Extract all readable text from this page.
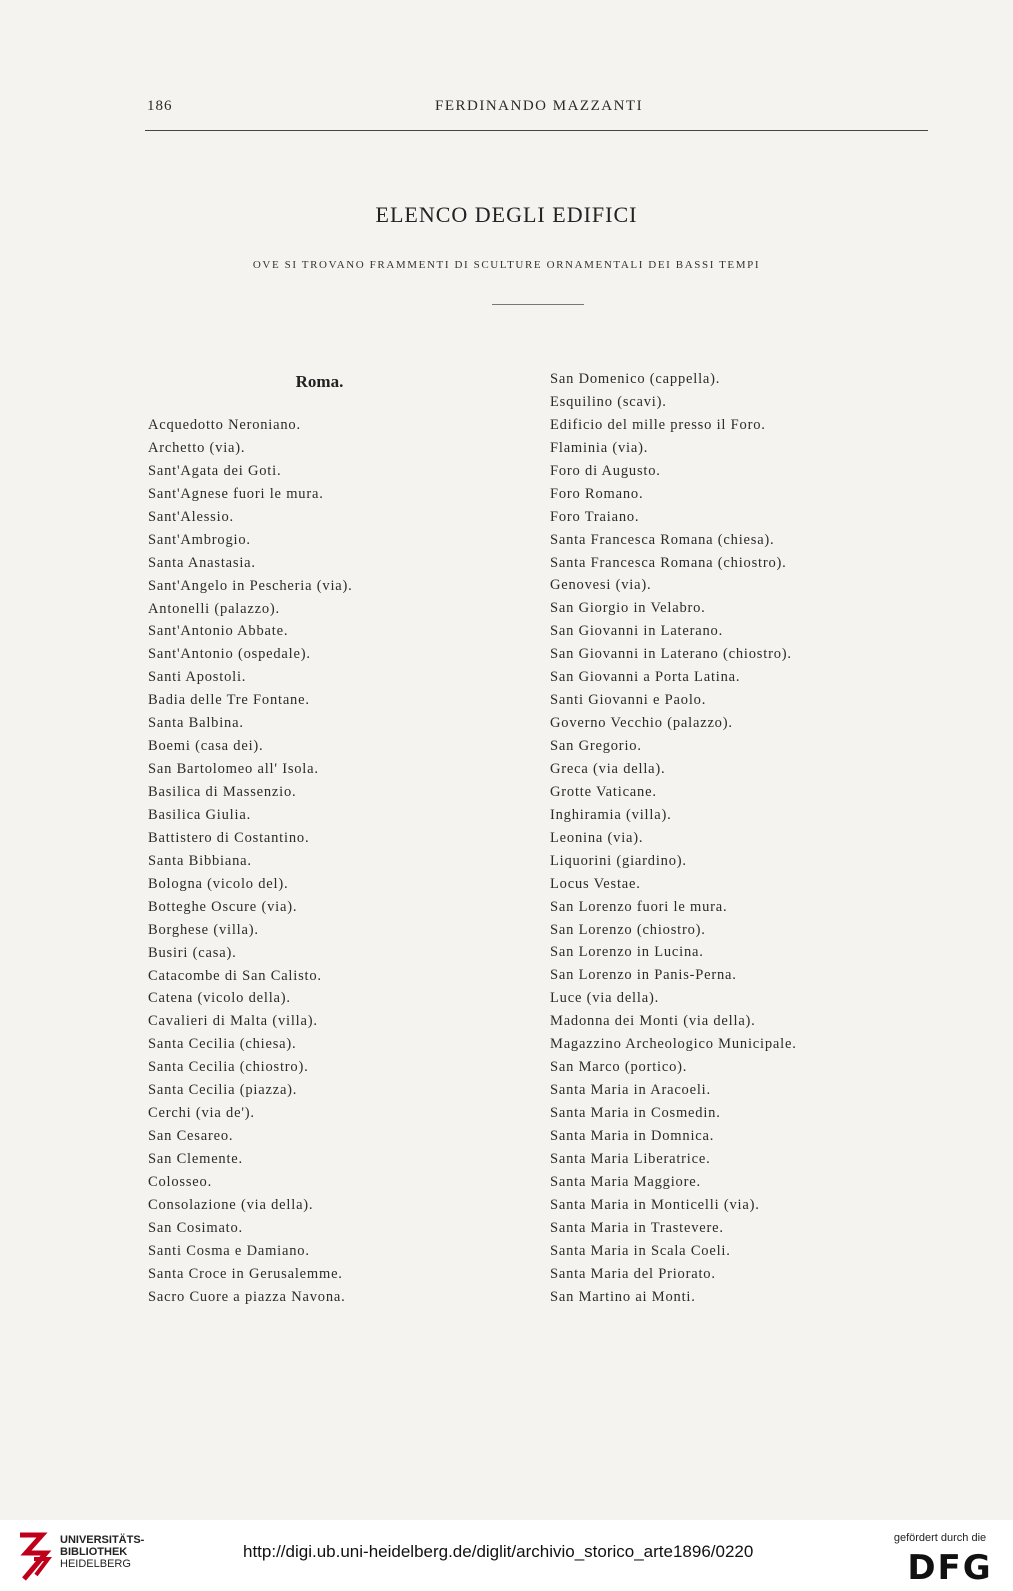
186	FERDINANDO MAZZANTI
ELENCO DEGLI EDIFICI
OVE SI TROVANO FRAMMENTI DI SCULTURE ORNAMENTALI DEI BASSI TEMPI
Roma.
Acquedotto Neroniano.
Archetto (via).
Sant'Agata dei Goti.
Sant'Agnese fuori le mura.
Sant'Alessio.
Sant'Ambrogio.
Santa Anastasia.
Sant'Angelo in Pescheria (via).
Antonelli (palazzo).
Sant'Antonio Abbate.
Sant'Antonio (ospedale).
Santi Apostoli.
Badia delle Tre Fontane.
Santa Balbina.
Boemi (casa dei).
San Bartolomeo all' Isola.
Basilica di Massenzio.
Basilica Giulia.
Battistero di Costantino.
Santa Bibbiana.
Bologna (vicolo del).
Botteghe Oscure (via).
Borghese (villa).
Busiri (casa).
Catacombe di San Calisto.
Catena (vicolo della).
Cavalieri di Malta (villa).
Santa Cecilia (chiesa).
Santa Cecilia (chiostro).
Santa Cecilia (piazza).
Cerchi (via de').
San Cesareo.
San Clemente.
Colosseo.
Consolazione (via della).
San Cosimato.
Santi Cosma e Damiano.
Santa Croce in Gerusalemme.
Sacro Cuore a piazza Navona.
San Domenico (cappella).
Esquilino (scavi).
Edificio del mille presso il Foro.
Flaminia (via).
Foro di Augusto.
Foro Romano.
Foro Traiano.
Santa Francesca Romana (chiesa).
Santa Francesca Romana (chiostro).
Genovesi (via).
San Giorgio in Velabro.
San Giovanni in Laterano.
San Giovanni in Laterano (chiostro).
San Giovanni a Porta Latina.
Santi Giovanni e Paolo.
Governo Vecchio (palazzo).
San Gregorio.
Greca (via della).
Grotte Vaticane.
Inghiramia (villa).
Leonina (via).
Liquorini (giardino).
Locus Vestae.
San Lorenzo fuori le mura.
San Lorenzo (chiostro).
San Lorenzo in Lucina.
San Lorenzo in Panis-Perna.
Luce (via della).
Madonna dei Monti (via della).
Magazzino Archeologico Municipale.
San Marco (portico).
Santa Maria in Aracoeli.
Santa Maria in Cosmedin.
Santa Maria in Domnica.
Santa Maria Liberatrice.
Santa Maria Maggiore.
Santa Maria in Monticelli (via).
Santa Maria in Trastevere.
Santa Maria in Scala Coeli.
Santa Maria del Priorato.
San Martino ai Monti.
UNIVERSITÄTS-
BIBLIOTHEK
HEIDELBERG
http://digi.ub.uni-heidelberg.de/diglit/archivio_storico_arte1896/0220
gefördert durch die
DFG
